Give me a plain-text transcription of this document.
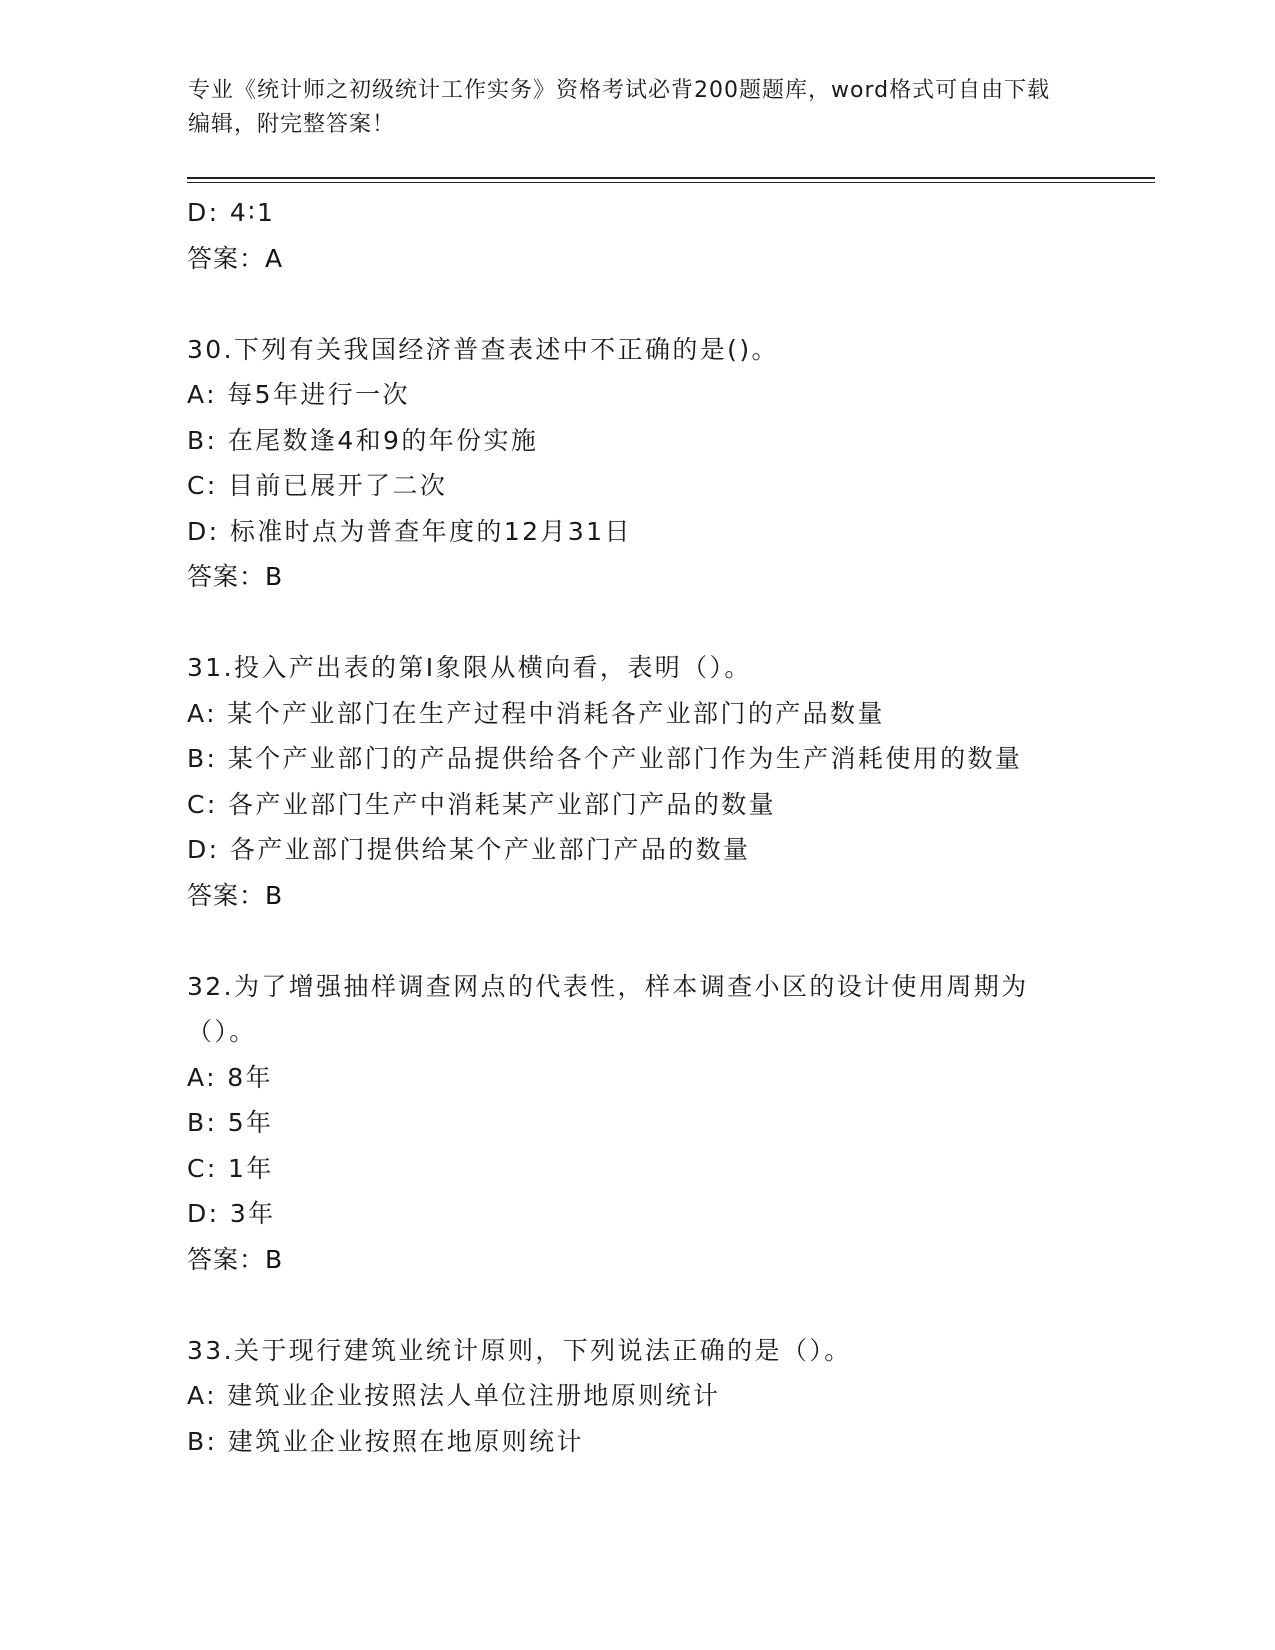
专业《统计师之初级统计工作实务》资格考试必背200题题库，word格式可自由下载编辑，附完整答案！
D: 4∶1
答案：A
30.下列有关我国经济普查表述中不正确的是()。
A: 每5年进行一次
B: 在尾数逢4和9的年份实施
C: 目前已展开了二次
D: 标准时点为普查年度的12月31日
答案：B
31.投入产出表的第I象限从横向看，表明（）。
A: 某个产业部门在生产过程中消耗各产业部门的产品数量
B: 某个产业部门的产品提供给各个产业部门作为生产消耗使用的数量
C: 各产业部门生产中消耗某产业部门产品的数量
D: 各产业部门提供给某个产业部门产品的数量
答案：B
32.为了增强抽样调查网点的代表性，样本调查小区的设计使用周期为（）。
A: 8年
B: 5年
C: 1年
D: 3年
答案：B
33.关于现行建筑业统计原则，下列说法正确的是（）。
A: 建筑业企业按照法人单位注册地原则统计
B: 建筑业企业按照在地原则统计
